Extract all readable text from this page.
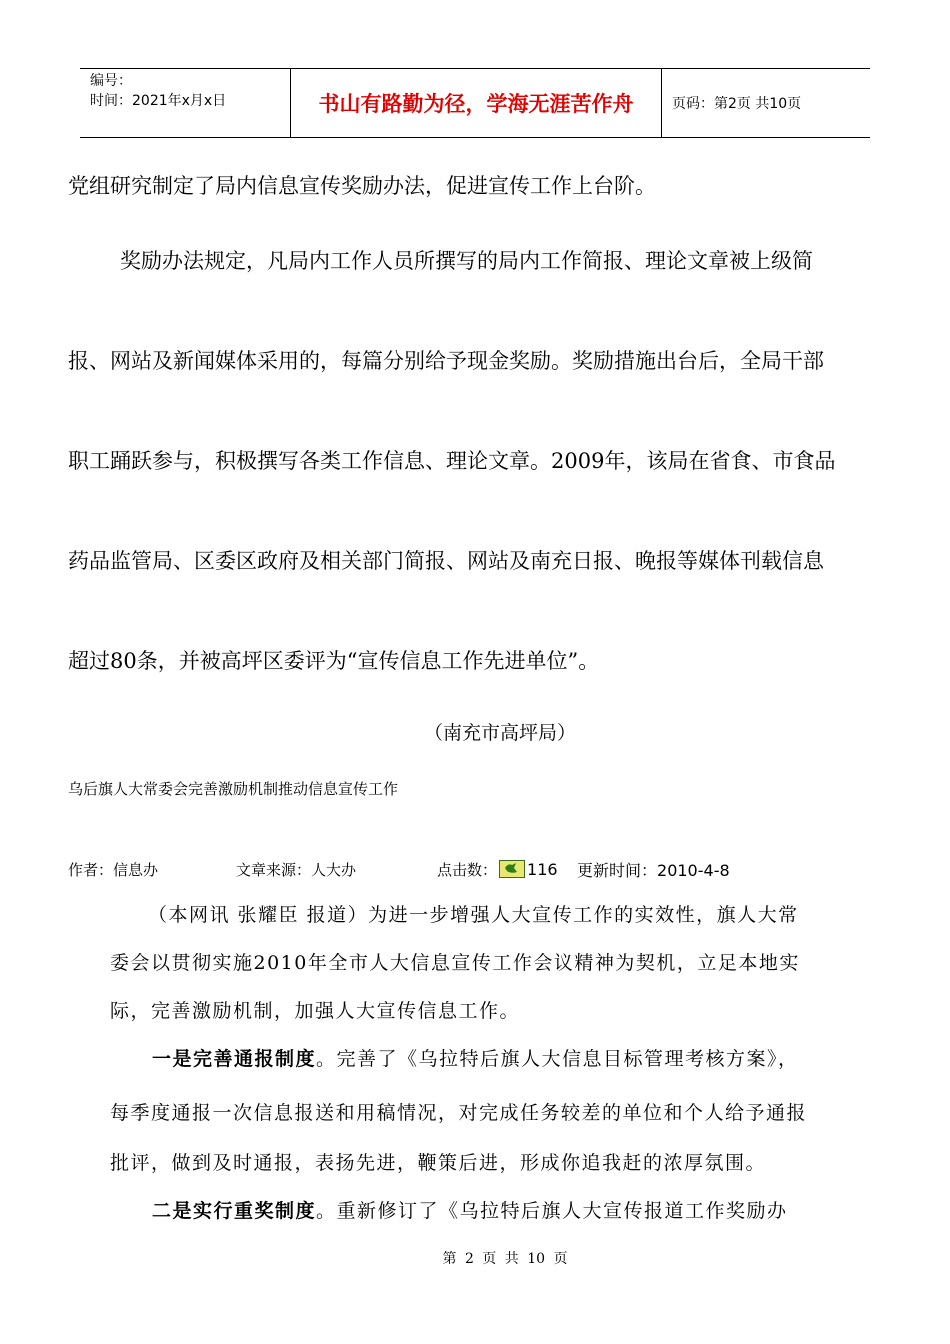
编号：
时间：2021年x月x日	书山有路勤为径，学海无涯苦作舟	页码：第2页 共10页
党组研究制定了局内信息宣传奖励办法，促进宣传工作上台阶。
奖励办法规定，凡局内工作人员所撰写的局内工作简报、理论文章被上级简
报、网站及新闻媒体采用的，每篇分别给予现金奖励。奖励措施出台后，全局干部
职工踊跃参与，积极撰写各类工作信息、理论文章。2009年，该局在省食、市食品
药品监管局、区委区政府及相关部门简报、网站及南充日报、晚报等媒体刊载信息
超过80条，并被高坪区委评为“宣传信息工作先进单位”。
（南充市高坪局）
乌后旗人大常委会完善激励机制推动信息宣传工作
作者：信息办	文章来源：人大办	点击数： 116	更新时间：2010-4-8
（本网讯 张耀臣 报道）为进一步增强人大宣传工作的实效性，旗人大常
委会以贯彻实施2010年全市人大信息宣传工作会议精神为契机，立足本地实
际，完善激励机制，加强人大宣传信息工作。
一是完善通报制度。完善了《乌拉特后旗人大信息目标管理考核方案》，
每季度通报一次信息报送和用稿情况，对完成任务较差的单位和个人给予通报
批评，做到及时通报，表扬先进，鞭策后进，形成你追我赶的浓厚氛围。
二是实行重奖制度。重新修订了《乌拉特后旗人大宣传报道工作奖励办
第 2 页 共 10 页
